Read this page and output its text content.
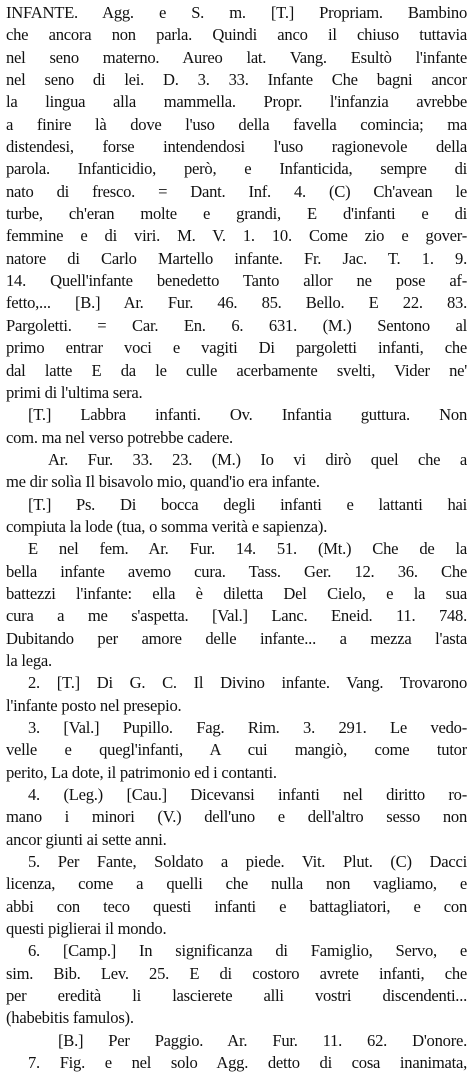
INFANTE. Agg. e S. m. [T.] Propriam. Bambino
che ancora non parla. Quindi anco il chiuso tuttavia
nel seno materno. Aureo lat. Vang. Esultò l'infante
nel seno di lei. D. 3. 33. Infante Che bagni ancor
la lingua alla mammella. Propr. l'infanzia avrebbe
a finire là dove l'uso della favella comincia; ma
distendesi, forse intendendosi l'uso ragionevole della
parola. Infanticidio, però, e Infanticida, sempre di
nato di fresco. = Dant. Inf. 4. (C) Ch'avean le
turbe, ch'eran molte e grandi, E d'infanti e di
femmine e di viri. M. V. 1. 10. Come zio e gover-
natore di Carlo Martello infante. Fr. Jac. T. 1. 9.
14. Quell'infante benedetto Tanto allor ne pose af-
fetto,... [B.] Ar. Fur. 46. 85. Bello. E 22. 83.
Pargoletti. = Car. En. 6. 631. (M.) Sentono al
primo entrar voci e vagiti Di pargoletti infanti, che
dal latte E da le culle acerbamente svelti, Vider ne'
primi di l'ultima sera.
[T.] Labbra infanti. Ov. Infantia guttura. Non
com. ma nel verso potrebbe cadere.
Ar. Fur. 33. 23. (M.) Io vi dirò quel che a
me dir solìa Il bisavolo mio, quand'io era infante.
[T.] Ps. Di bocca degli infanti e lattanti hai
compiuta la lode (tua, o somma verità e sapienza).
E nel fem. Ar. Fur. 14. 51. (Mt.) Che de la
bella infante avemo cura. Tass. Ger. 12. 36. Che
battezzi l'infante: ella è diletta Del Cielo, e la sua
cura a me s'aspetta. [Val.] Lanc. Eneid. 11. 748.
Dubitando per amore delle infante... a mezza l'asta
la lega.
2. [T.] Di G. C. Il Divino infante. Vang. Trovarono
l'infante posto nel presepio.
3. [Val.] Pupillo. Fag. Rim. 3. 291. Le vedo-
velle e quegl'infanti, A cui mangiò, come tutor
perito, La dote, il patrimonio ed i contanti.
4. (Leg.) [Cau.] Dicevansi infanti nel diritto ro-
mano i minori (V.) dell'uno e dell'altro sesso non
ancor giunti ai sette anni.
5. Per Fante, Soldato a piede. Vit. Plut. (C) Dacci
licenza, come a quelli che nulla non vagliamo, e
abbi con teco questi infanti e battagliatori, e con
questi piglierai il mondo.
6. [Camp.] In significanza di Famiglio, Servo, e
sim. Bib. Lev. 25. E di costoro avrete infanti, che
per eredità li lascierete alli vostri discendenti...
(habebitis famulos).
[B.] Per Paggio. Ar. Fur. 11. 62. D'onore.
7. Fig. e nel solo Agg. detto di cosa inanimata,
